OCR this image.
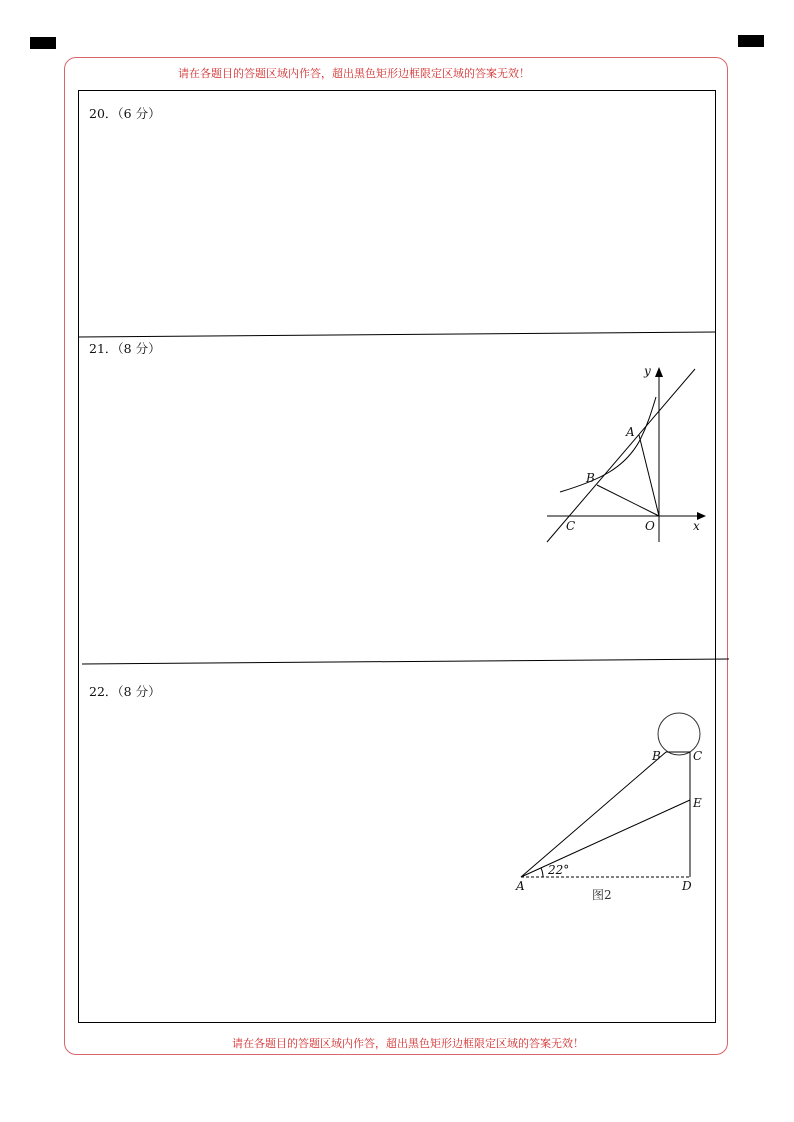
请在各题目的答题区域内作答，超出黑色矩形边框限定区域的答案无效！
请在各题目的答题区域内作答，超出黑色矩形边框限定区域的答案无效！
20．（6 分）
21．（8 分）
22．（8 分）
y
x
A
B
C	O
B	C
E
A	D
22°
图2
